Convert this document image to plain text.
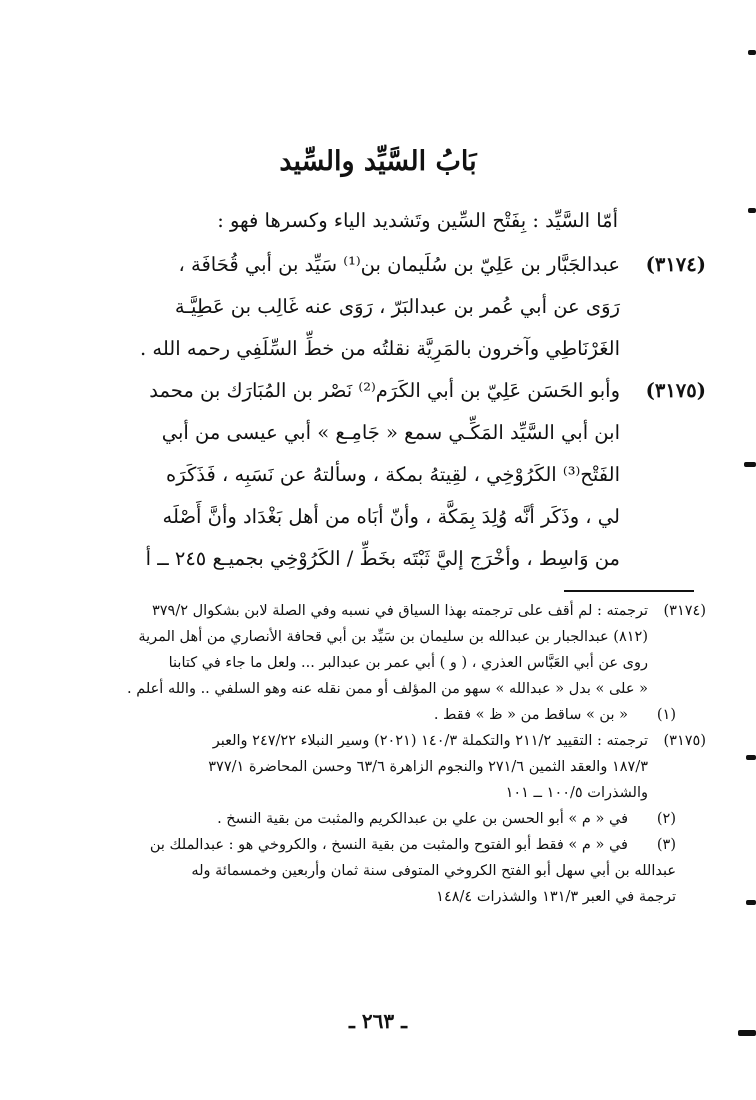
بَابُ السَّيِّد والسِّيد
أمّا السَّيِّد : بِفَتْح السِّين وتَشديد الياء وكسرها فهو :
(٣١٧٤)
عبدالجَبَّار بن عَلِيّ بن سُلَيمان بن⁽¹⁾ سَيِّد بن أبي قُحَافَة ،
رَوَى عن أبي عُمر بن عبدالبَرّ ، رَوَى عنه غَالِب بن عَطِيَّـة
الغَرْنَاطِي وآخرون بالمَرِيَّة نقلتُه من خطِّ السِّلَفِي رحمه الله .
(٣١٧٥)
وأبو الحَسَن عَلِيّ بن أبي الكَرَم⁽²⁾ نَصْر بن المُبَارَك بن محمد
ابن أبي السَّيِّد المَكِّـي سمع « جَامِـع » أبي عيسى من أبي
الفَتْح⁽³⁾ الكَرُوْخِي ، لقِيتهُ بمكة ، وسألتهُ عن نَسَبِه ، فَذَكَرَه
لي ، وذَكَر أنَّه وُلِدَ بِمَكَّة ، وأنّ أبَاه من أهل بَغْدَاد وأنَّ أَصْلَه
من وَاسِط ، وأخْرَج إليَّ ثَبْتَه بخَطِّ / الكَرُوْخِي بجميـع ٢٤٥ ــ أ
(٣١٧٤)
ترجمته : لم أقف على ترجمته بهذا السياق في نسبه وفي الصلة لابن بشكوال ٣٧٩/٢
(٨١٢) عبدالجبار بن عبدالله بن سليمان بن سَيِّد بن أبي قحافة الأنصاري من أهل المرية
روى عن أبي العَبَّاس العذري ، ( و ) أبي عمر بن عبدالبر ... ولعل ما جاء في كتابنا
« على » بدل « عبدالله » سهو من المؤلف أو ممن نقله عنه وهو السلفي .. والله أعلم .
(١)
« بن » ساقط من « ظ » فقط .
(٣١٧٥)
ترجمته : التقييد ٢١١/٢ والتكملة ١٤٠/٣ (٢٠٢١) وسير النبلاء ٢٤٧/٢٢ والعبر
١٨٧/٣ والعقد الثمين ٢٧١/٦ والنجوم الزاهرة ٦٣/٦ وحسن المحاضرة ٣٧٧/١
والشذرات ١٠٠/٥ ــ ١٠١
(٢)
في « م » أبو الحسن بن علي بن عبدالكريم والمثبت من بقية النسخ .
(٣)
في « م » فقط أبو الفتوح والمثبت من بقية النسخ ، والكروخي هو : عبدالملك بن
عبدالله بن أبي سهل أبو الفتح الكروخي المتوفى سنة ثمان وأربعين وخمسمائة وله
ترجمة في العبر ١٣١/٣ والشذرات ١٤٨/٤
ـ ٢٦٣ ـ
